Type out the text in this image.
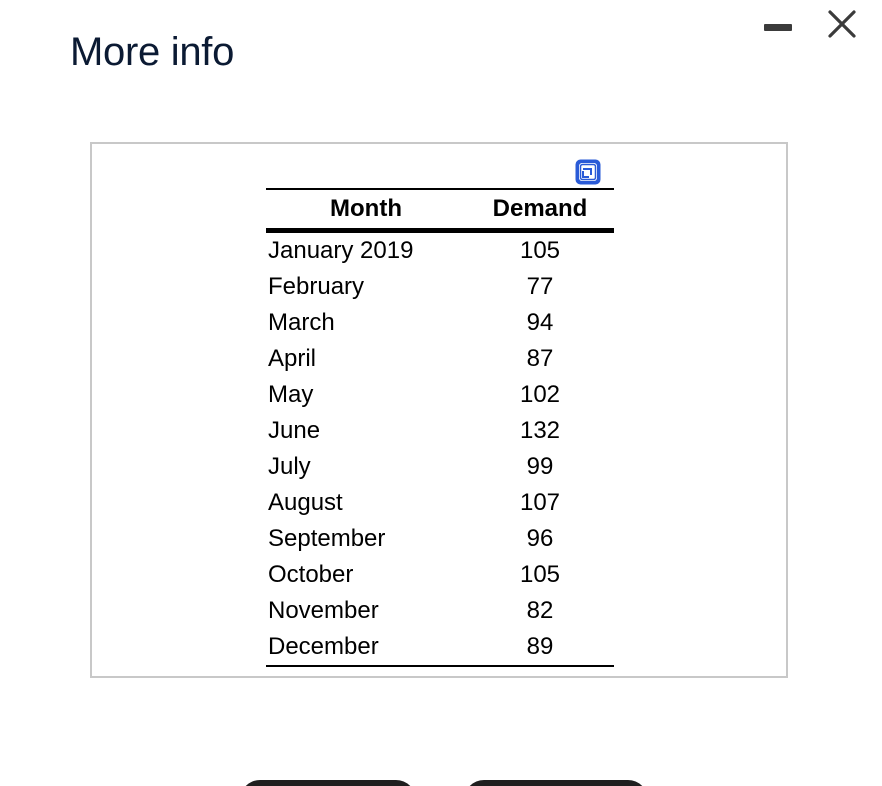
More info
Month	Demand
January 2019	105
February	77
March	94
April	87
May	102
June	132
July	99
August	107
September	96
October	105
November	82
December	89
